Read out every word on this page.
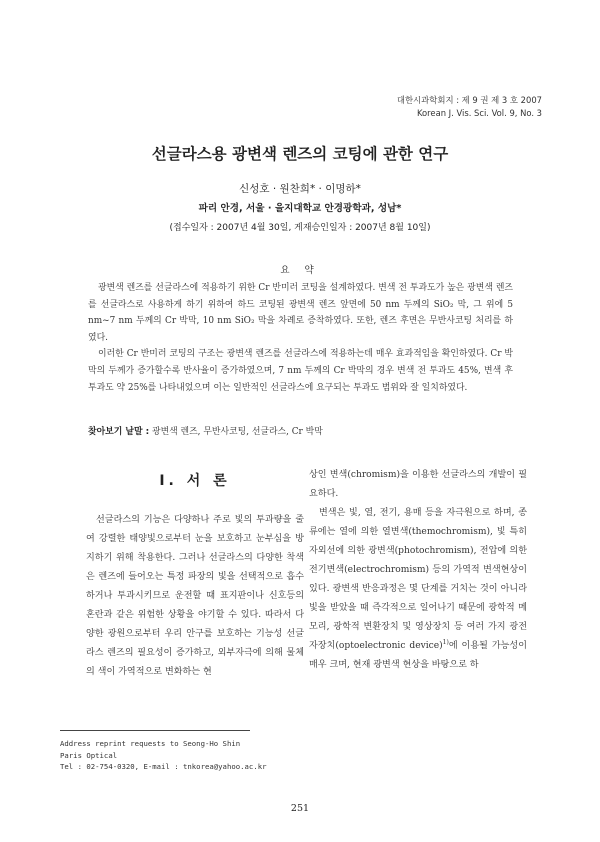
대한시과학회지 : 제 9 권 제 3 호 2007
Korean J. Vis. Sci. Vol. 9, No. 3
선글라스용 광변색 렌즈의 코팅에 관한 연구
신성호 · 원찬희* · 이명하*
파리 안경, 서울 · 을지대학교 안경광학과, 성남*
(접수일자 : 2007년 4월 30일, 게재승인일자 : 2007년 8월 10일)
요 약

광변색 렌즈를 선글라스에 적용하기 위한 Cr 반미러 코팅을 설계하였다. 변색 전 투과도가 높은 광변색 렌즈를 선글라스로 사용하게 하기 위하여 하드 코팅된 광변색 렌즈 앞면에 50 nm 두께의 SiO₂ 막, 그 위에 5 nm~7 nm 두께의 Cr 박막, 10 nm SiO₂ 막을 차례로 증착하였다. 또한, 렌즈 후면은 무반사코팅 처리를 하였다.

이러한 Cr 반미러 코팅의 구조는 광변색 렌즈를 선글라스에 적용하는데 매우 효과적임을 확인하였다. Cr 박막의 두께가 증가할수록 반사율이 증가하였으며, 7 nm 두께의 Cr 박막의 경우 변색 전 투과도 45%, 변색 후 투과도 약 25%를 나타내었으며 이는 일반적인 선글라스에 요구되는 투과도 범위와 잘 일치하였다.

찾아보기 낱말 : 광변색 렌즈, 무반사코팅, 선글라스, Cr 박막
Ⅰ. 서 론

선글라스의 기능은 다양하나 주로 빛의 투과량을 줄여 강렬한 태양빛으로부터 눈을 보호하고 눈부심을 방지하기 위해 착용한다. 그러나 선글라스의 다양한 착색은 렌즈에 들어오는 특정 파장의 빛을 선택적으로 흡수하거나 투과시키므로 운전할 때 표지판이나 신호등의 혼란과 같은 위험한 상황을 야기할 수 있다. 따라서 다양한 광원으로부터 우리 안구를 보호하는 기능성 선글라스 렌즈의 필요성이 증가하고, 외부자극에 의해 물체의 색이 가역적으로 변화하는 현

상인 변색(chromism)을 이용한 선글라스의 개발이 필요하다.

변색은 빛, 열, 전기, 용매 등을 자극원으로 하며, 종류에는 열에 의한 열변색(themochromism), 빛 특히 자외선에 의한 광변색(photochromism), 전압에 의한 전기변색(electrochromism) 등의 가역적 변색현상이 있다. 광변색 반응과정은 몇 단계를 거치는 것이 아니라 빛을 받았을 때 즉각적으로 일어나기 때문에 광학적 메모리, 광학적 변환장치 및 영상장치 등 여러 가지 광전자장치(optoelectronic device)$^{1)}$에 이용될 가능성이 매우 크며, 현재 광변색 현상을 바탕으로 하

Address reprint requests to Seong-Ho Shin
Paris Optical
Tel : 02-754-0320, E-mail : tnkorea@yahoo.ac.kr
251
